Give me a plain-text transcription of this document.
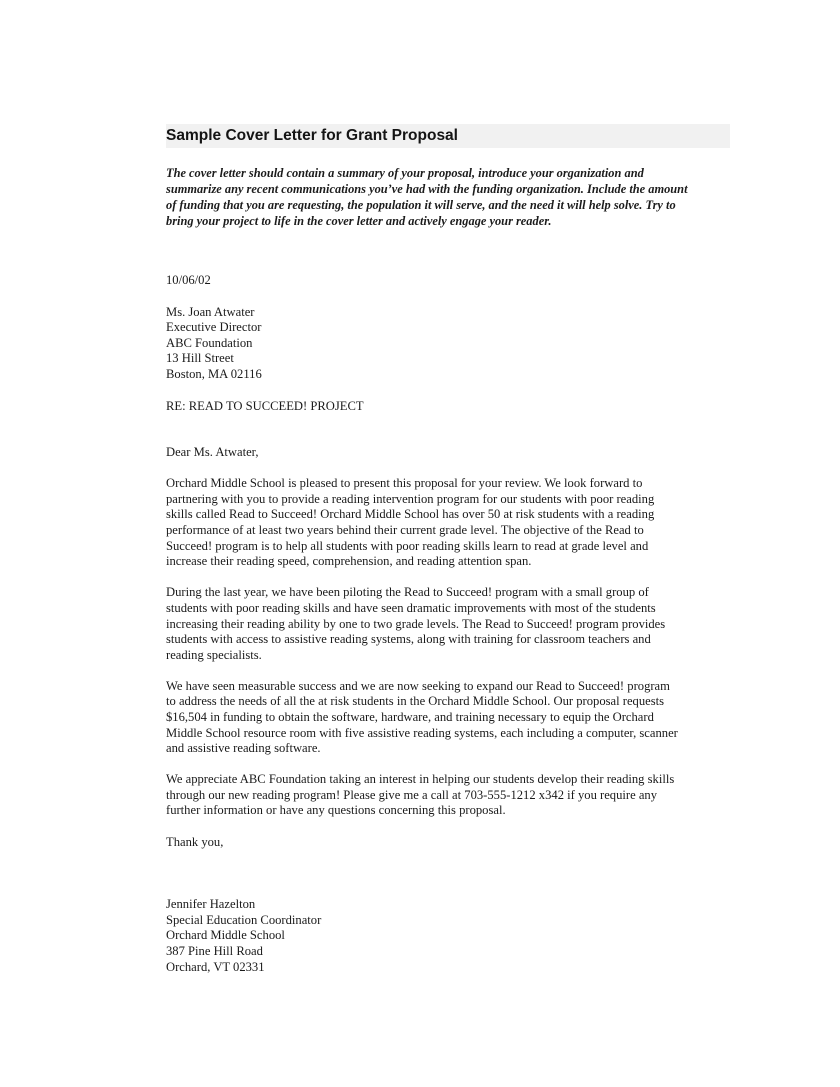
Sample Cover Letter for Grant Proposal
The cover letter should contain a summary of your proposal, introduce your organization and
summarize any recent communications you’ve had with the funding organization. Include the amount
of funding that you are requesting, the population it will serve, and the need it will help solve. Try to
bring your project to life in the cover letter and actively engage your reader.

10/06/02

Ms. Joan Atwater
Executive Director
ABC Foundation
13 Hill Street
Boston, MA 02116

RE: READ TO SUCCEED! PROJECT

Dear Ms. Atwater,

Orchard Middle School is pleased to present this proposal for your review. We look forward to
partnering with you to provide a reading intervention program for our students with poor reading
skills called Read to Succeed! Orchard Middle School has over 50 at risk students with a reading
performance of at least two years behind their current grade level. The objective of the Read to
Succeed! program is to help all students with poor reading skills learn to read at grade level and
increase their reading speed, comprehension, and reading attention span.

During the last year, we have been piloting the Read to Succeed! program with a small group of
students with poor reading skills and have seen dramatic improvements with most of the students
increasing their reading ability by one to two grade levels. The Read to Succeed! program provides
students with access to assistive reading systems, along with training for classroom teachers and
reading specialists.

We have seen measurable success and we are now seeking to expand our Read to Succeed! program
to address the needs of all the at risk students in the Orchard Middle School. Our proposal requests
$16,504 in funding to obtain the software, hardware, and training necessary to equip the Orchard
Middle School resource room with five assistive reading systems, each including a computer, scanner
and assistive reading software.

We appreciate ABC Foundation taking an interest in helping our students develop their reading skills
through our new reading program! Please give me a call at 703-555-1212 x342 if you require any
further information or have any questions concerning this proposal.

Thank you,

Jennifer Hazelton
Special Education Coordinator
Orchard Middle School
387 Pine Hill Road
Orchard, VT 02331
